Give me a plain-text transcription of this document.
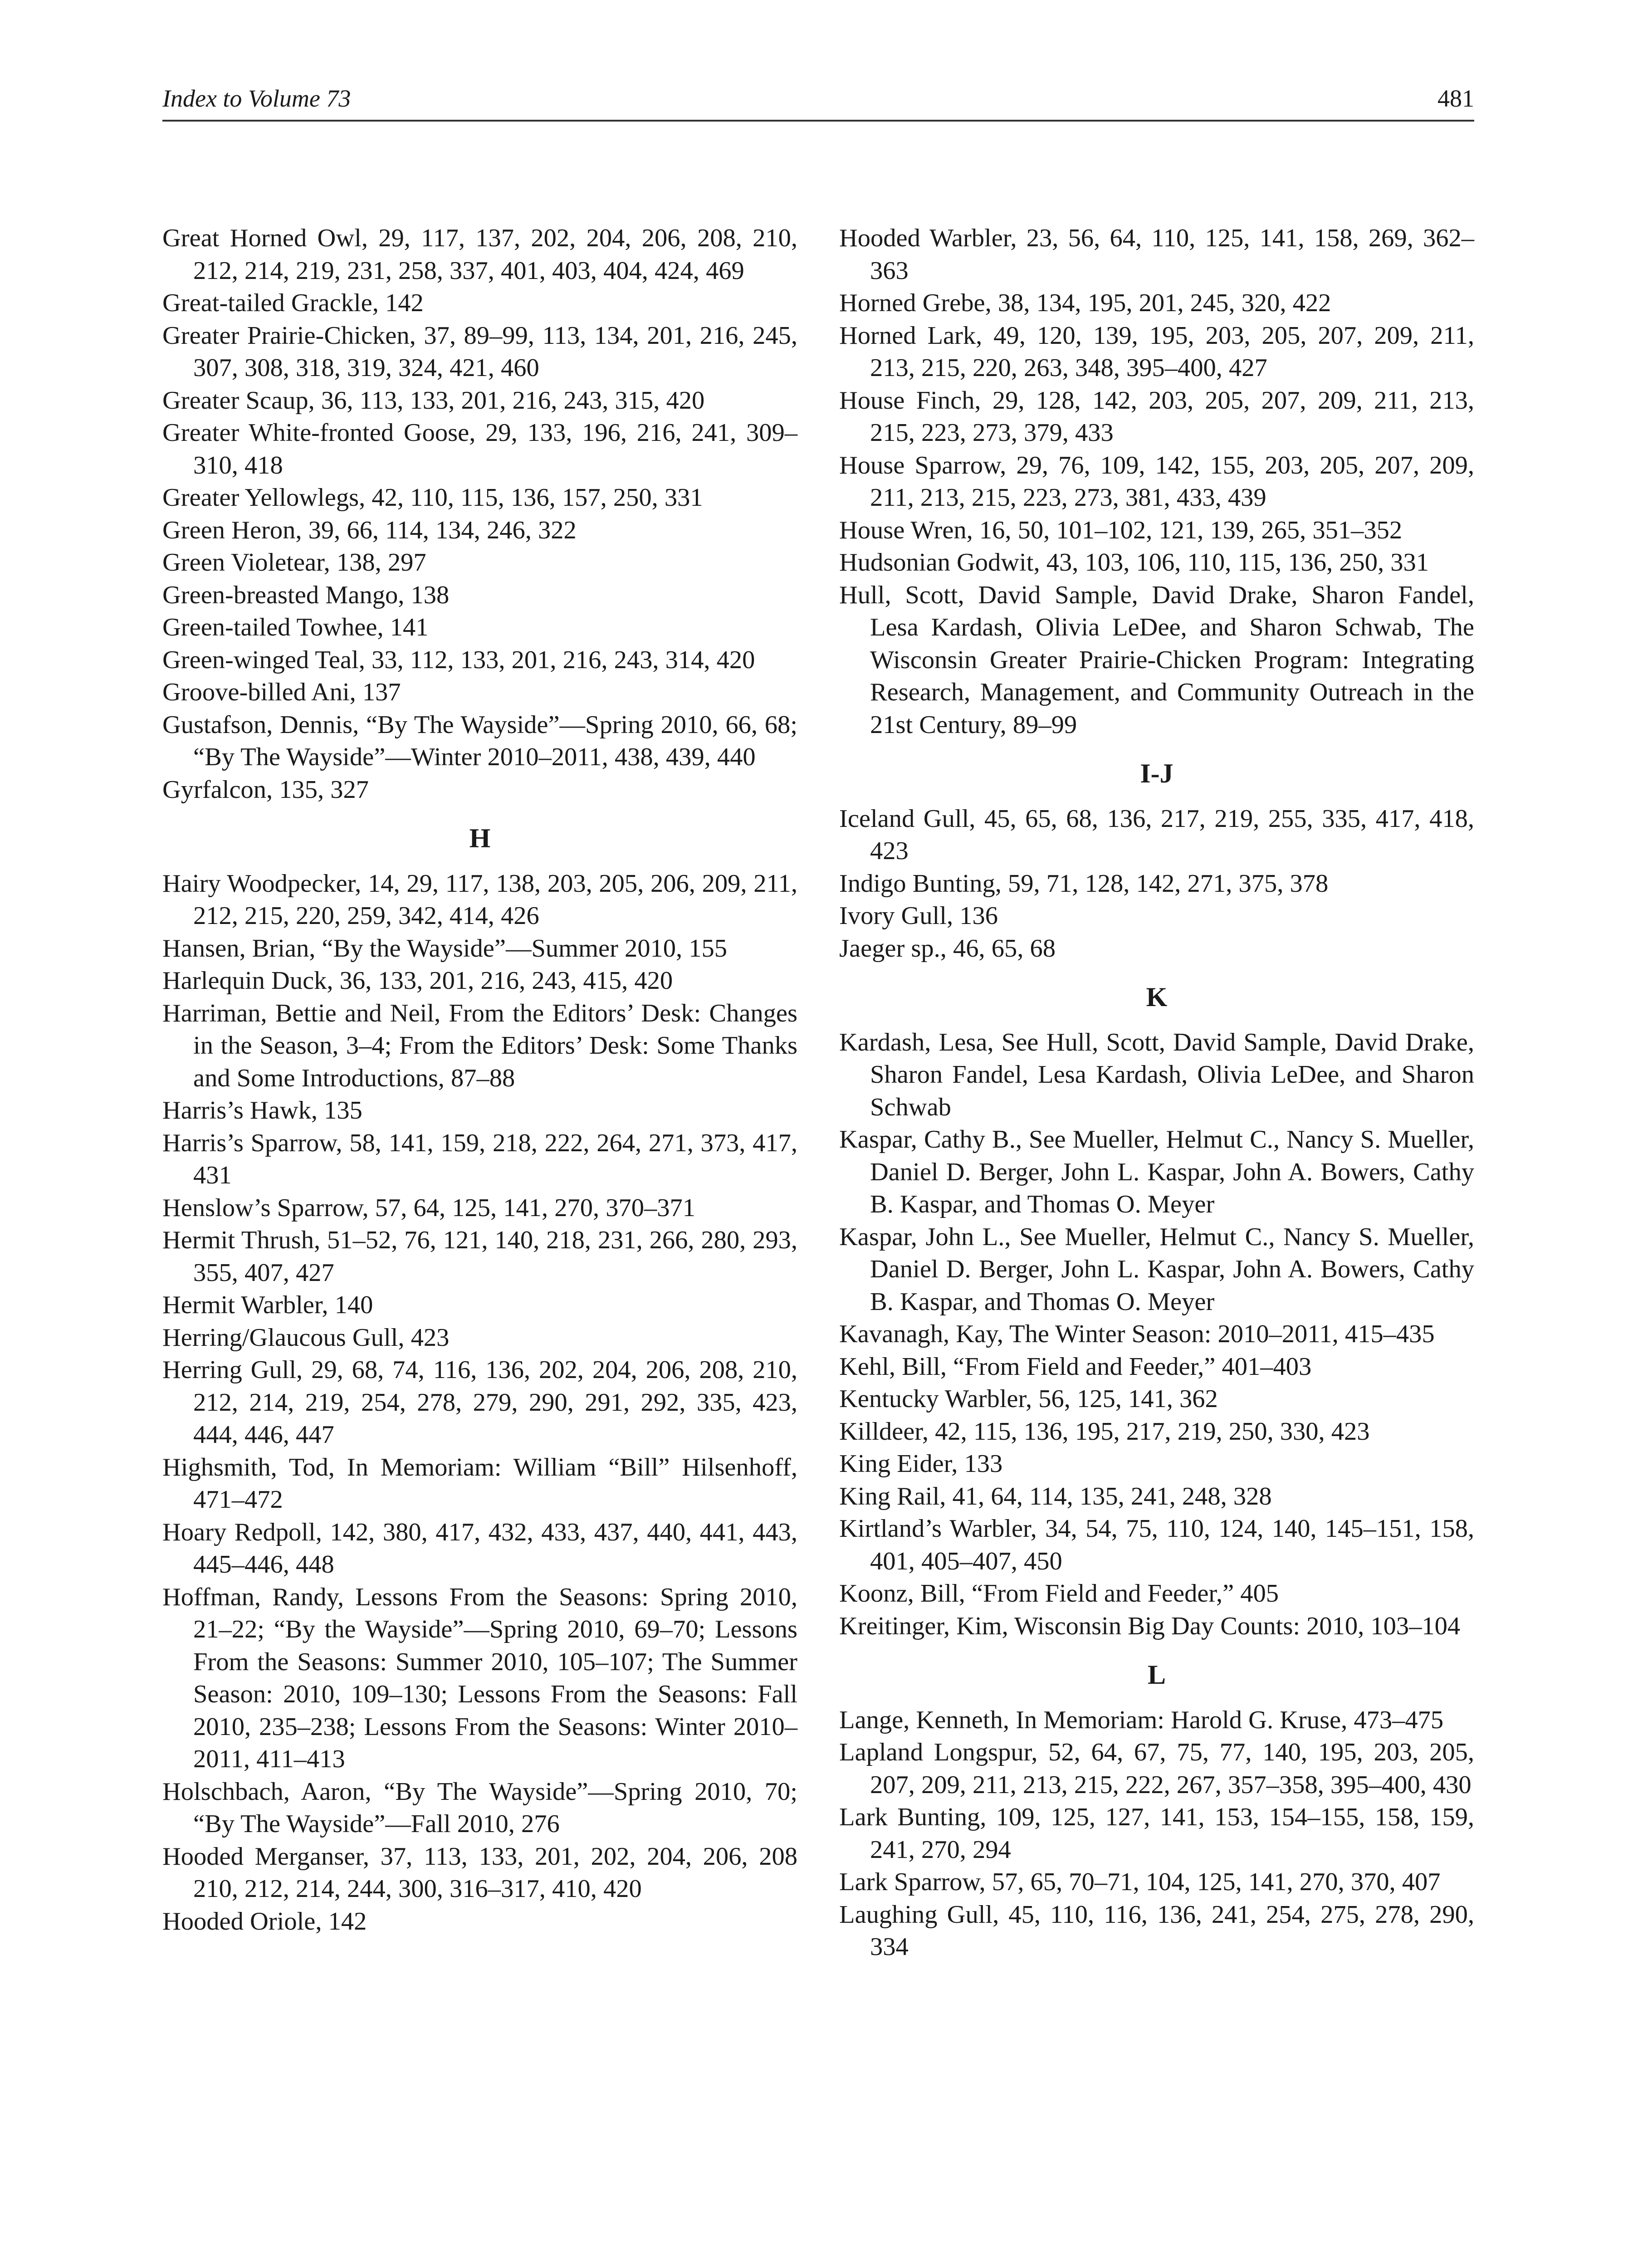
Index to Volume 73	481

Great Horned Owl, 29, 117, 137, 202, 204, 206, 208, 210, 212, 214, 219, 231, 258, 337, 401, 403, 404, 424, 469

Great-tailed Grackle, 142

Greater Prairie-Chicken, 37, 89–99, 113, 134, 201, 216, 245, 307, 308, 318, 319, 324, 421, 460

Greater Scaup, 36, 113, 133, 201, 216, 243, 315, 420

Greater White-fronted Goose, 29, 133, 196, 216, 241, 309–310, 418

Greater Yellowlegs, 42, 110, 115, 136, 157, 250, 331

Green Heron, 39, 66, 114, 134, 246, 322

Green Violetear, 138, 297

Green-breasted Mango, 138

Green-tailed Towhee, 141

Green-winged Teal, 33, 112, 133, 201, 216, 243, 314, 420

Groove-billed Ani, 137

Gustafson, Dennis, “By The Wayside”—Spring 2010, 66, 68; “By The Wayside”—Winter 2010–2011, 438, 439, 440

Gyrfalcon, 135, 327

H

Hairy Woodpecker, 14, 29, 117, 138, 203, 205, 206, 209, 211, 212, 215, 220, 259, 342, 414, 426

Hansen, Brian, “By the Wayside”—Summer 2010, 155

Harlequin Duck, 36, 133, 201, 216, 243, 415, 420

Harriman, Bettie and Neil, From the Editors’ Desk: Changes in the Season, 3–4; From the Editors’ Desk: Some Thanks and Some Introductions, 87–88

Harris’s Hawk, 135

Harris’s Sparrow, 58, 141, 159, 218, 222, 264, 271, 373, 417, 431

Henslow’s Sparrow, 57, 64, 125, 141, 270, 370–371

Hermit Thrush, 51–52, 76, 121, 140, 218, 231, 266, 280, 293, 355, 407, 427

Hermit Warbler, 140

Herring/Glaucous Gull, 423

Herring Gull, 29, 68, 74, 116, 136, 202, 204, 206, 208, 210, 212, 214, 219, 254, 278, 279, 290, 291, 292, 335, 423, 444, 446, 447

Highsmith, Tod, In Memoriam: William “Bill” Hilsenhoff, 471–472

Hoary Redpoll, 142, 380, 417, 432, 433, 437, 440, 441, 443, 445–446, 448

Hoffman, Randy, Lessons From the Seasons: Spring 2010, 21–22; “By the Wayside”—Spring 2010, 69–70; Lessons From the Seasons: Summer 2010, 105–107; The Summer Season: 2010, 109–130; Lessons From the Seasons: Fall 2010, 235–238; Lessons From the Seasons: Winter 2010–2011, 411–413

Holschbach, Aaron, “By The Wayside”—Spring 2010, 70; “By The Wayside”—Fall 2010, 276

Hooded Merganser, 37, 113, 133, 201, 202, 204, 206, 208 210, 212, 214, 244, 300, 316–317, 410, 420

Hooded Oriole, 142

Hooded Warbler, 23, 56, 64, 110, 125, 141, 158, 269, 362–363

Horned Grebe, 38, 134, 195, 201, 245, 320, 422

Horned Lark, 49, 120, 139, 195, 203, 205, 207, 209, 211, 213, 215, 220, 263, 348, 395–400, 427

House Finch, 29, 128, 142, 203, 205, 207, 209, 211, 213, 215, 223, 273, 379, 433

House Sparrow, 29, 76, 109, 142, 155, 203, 205, 207, 209, 211, 213, 215, 223, 273, 381, 433, 439

House Wren, 16, 50, 101–102, 121, 139, 265, 351–352

Hudsonian Godwit, 43, 103, 106, 110, 115, 136, 250, 331

Hull, Scott, David Sample, David Drake, Sharon Fandel, Lesa Kardash, Olivia LeDee, and Sharon Schwab, The Wisconsin Greater Prairie-Chicken Program: Integrating Research, Management, and Community Outreach in the 21st Century, 89–99

I-J

Iceland Gull, 45, 65, 68, 136, 217, 219, 255, 335, 417, 418, 423

Indigo Bunting, 59, 71, 128, 142, 271, 375, 378

Ivory Gull, 136

Jaeger sp., 46, 65, 68

K

Kardash, Lesa, See Hull, Scott, David Sample, David Drake, Sharon Fandel, Lesa Kardash, Olivia LeDee, and Sharon Schwab

Kaspar, Cathy B., See Mueller, Helmut C., Nancy S. Mueller, Daniel D. Berger, John L. Kaspar, John A. Bowers, Cathy B. Kaspar, and Thomas O. Meyer

Kaspar, John L., See Mueller, Helmut C., Nancy S. Mueller, Daniel D. Berger, John L. Kaspar, John A. Bowers, Cathy B. Kaspar, and Thomas O. Meyer

Kavanagh, Kay, The Winter Season: 2010–2011, 415–435

Kehl, Bill, “From Field and Feeder,” 401–403

Kentucky Warbler, 56, 125, 141, 362

Killdeer, 42, 115, 136, 195, 217, 219, 250, 330, 423

King Eider, 133

King Rail, 41, 64, 114, 135, 241, 248, 328

Kirtland’s Warbler, 34, 54, 75, 110, 124, 140, 145–151, 158, 401, 405–407, 450

Koonz, Bill, “From Field and Feeder,” 405

Kreitinger, Kim, Wisconsin Big Day Counts: 2010, 103–104

L

Lange, Kenneth, In Memoriam: Harold G. Kruse, 473–475

Lapland Longspur, 52, 64, 67, 75, 77, 140, 195, 203, 205, 207, 209, 211, 213, 215, 222, 267, 357–358, 395–400, 430

Lark Bunting, 109, 125, 127, 141, 153, 154–155, 158, 159, 241, 270, 294

Lark Sparrow, 57, 65, 70–71, 104, 125, 141, 270, 370, 407

Laughing Gull, 45, 110, 116, 136, 241, 254, 275, 278, 290, 334
